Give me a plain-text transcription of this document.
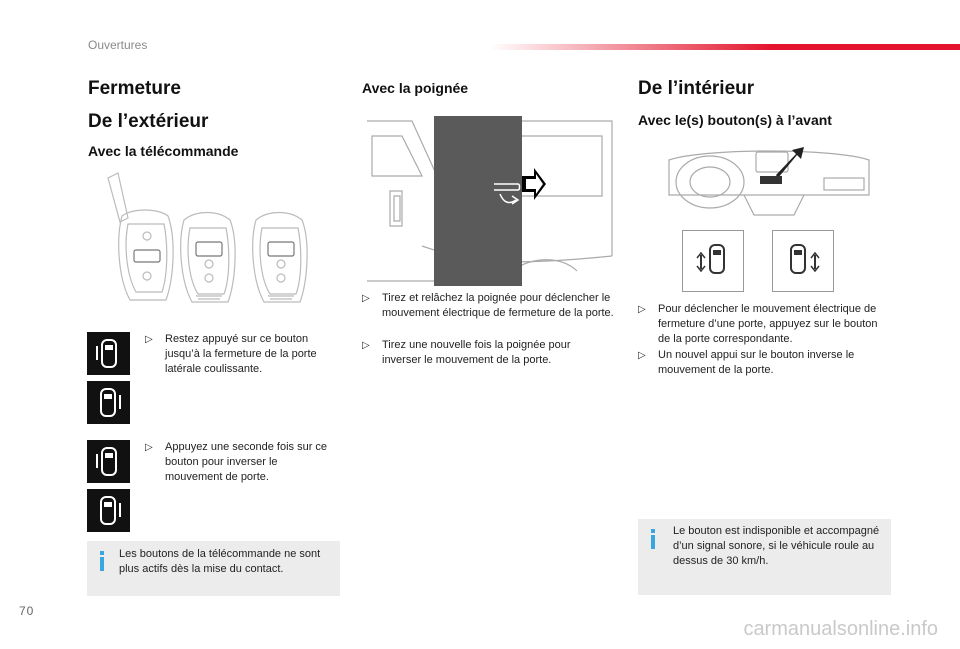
Ouvertures
Fermeture
De l’extérieur
Avec la télécommande
▷	Restez appuyé sur ce bouton jusqu’à la fermeture de la porte latérale coulissante.
▷	Appuyez une seconde fois sur ce bouton pour inverser le mouvement de porte.
Les boutons de la télécommande ne sont plus actifs dès la mise du contact.
Avec la poignée
▷	Tirez et relâchez la poignée pour déclencher le mouvement électrique de fermeture de la porte.
▷	Tirez une nouvelle fois la poignée pour inverser le mouvement de la porte.
De l’intérieur
Avec le(s) bouton(s) à l’avant
▷	Pour déclencher le mouvement électrique de fermeture d’une porte, appuyez sur le bouton de la porte correspondante.
▷	Un nouvel appui sur le bouton inverse le mouvement de la porte.
Le bouton est indisponible et accompagné d’un signal sonore, si le véhicule roule au dessus de 30 km/h.
70
carmanualsonline.info
